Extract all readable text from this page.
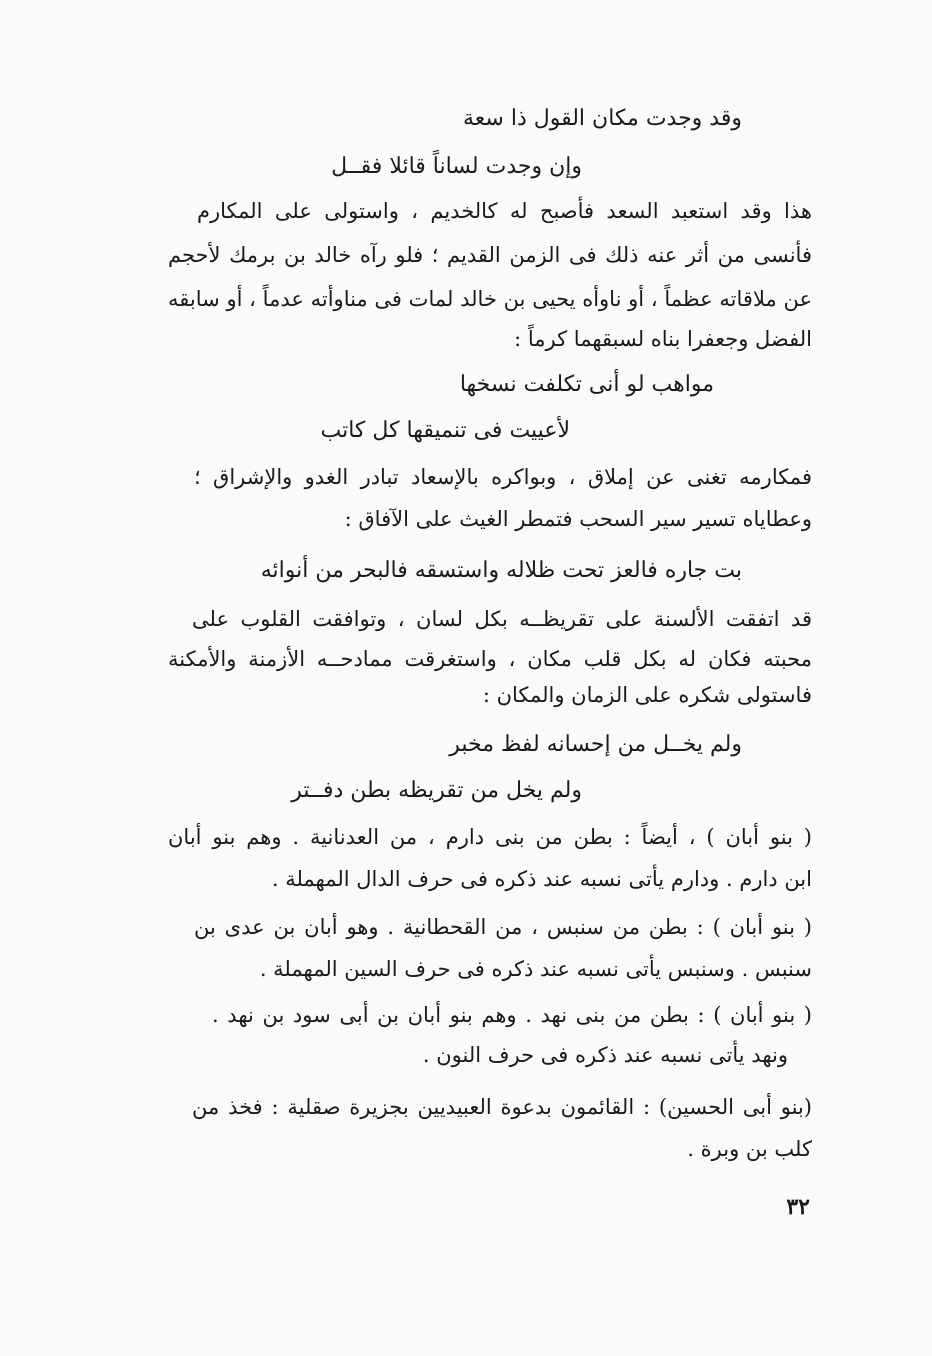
وقد وجدت مكان القول ذا سعة
وإن وجدت لساناً قائلا فقــل
هذا وقد استعبد السعد فأصبح له كالخديم ، واستولى على المكارم
فأنسى من أثر عنه ذلك فى الزمن القديم ؛ فلو رآه خالد بن برمك لأحجم
عن ملاقاته عظماً ، أو ناوأه يحيى بن خالد لمات فى مناوأته عدماً ، أو سابقه
الفضل وجعفرا بناه لسبقهما كرماً :
مواهب لو أنى تكلفت نسخها
لأعييت فى تنميقها كل كاتب
فمكارمه تغنى عن إملاق ، وبواكره بالإسعاد تبادر الغدو والإشراق ؛
وعطاياه تسير سير السحب فتمطر الغيث على الآفاق :
بت جاره فالعز تحت ظلاله واستسقه فالبحر من أنوائه
قد اتفقت الألسنة على تقريظــه بكل لسان ، وتوافقت القلوب على
محبته فكان له بكل قلب مكان ، واستغرقت ممادحــه الأزمنة والأمكنة
فاستولى شكره على الزمان والمكان :
ولم يخــل من إحسانه لفظ مخبر
ولم يخل من تقريظه بطن دفــتر
( بنو أبان ) ، أيضاً : بطن من بنى دارم ، من العدنانية . وهم بنو أبان
ابن دارم . ودارم يأتى نسبه عند ذكره فى حرف الدال المهملة .
( بنو أبان ) : بطن من سنبس ، من القحطانية . وهو أبان بن عدى بن
سنبس . وسنبس يأتى نسبه عند ذكره فى حرف السين المهملة .
( بنو أبان ) : بطن من بنى نهد . وهم بنو أبان بن أبى سود بن نهد .
ونهد يأتى نسبه عند ذكره فى حرف النون .
(بنو أبى الحسين) : القائمون بدعوة العبيديين بجزيرة صقلية : فخذ من
كلب بن وبرة .
٣٢
